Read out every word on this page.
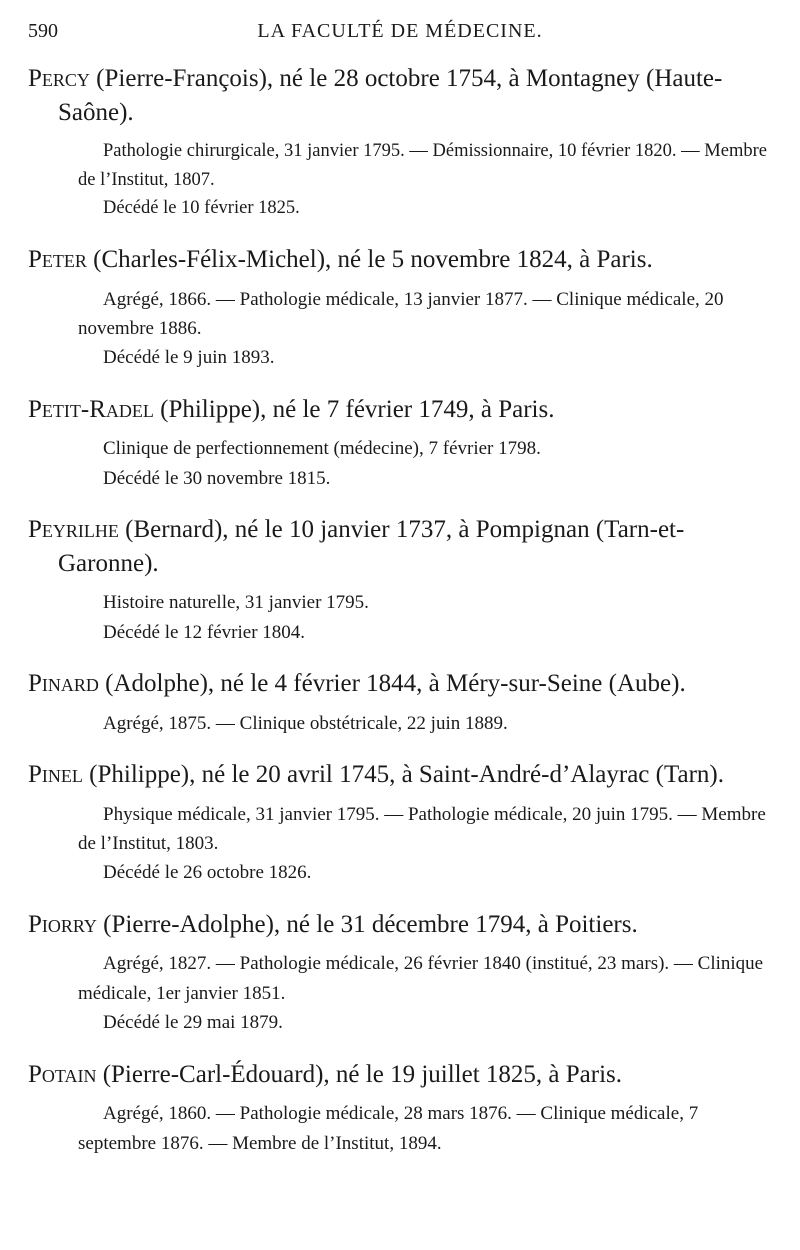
590	LA FACULTÉ DE MÉDECINE.
Percy (Pierre-François), né le 28 octobre 1754, à Montagney (Haute-Saône).
Pathologie chirurgicale, 31 janvier 1795. — Démissionnaire, 10 février 1820. — Membre de l’Institut, 1807.
Décédé le 10 février 1825.
Peter (Charles-Félix-Michel), né le 5 novembre 1824, à Paris.
Agrégé, 1866. — Pathologie médicale, 13 janvier 1877. — Clinique médicale, 20 novembre 1886.
Décédé le 9 juin 1893.
Petit-Radel (Philippe), né le 7 février 1749, à Paris.
Clinique de perfectionnement (médecine), 7 février 1798.
Décédé le 30 novembre 1815.
Peyrilhe (Bernard), né le 10 janvier 1737, à Pompignan (Tarn-et-Garonne).
Histoire naturelle, 31 janvier 1795.
Décédé le 12 février 1804.
Pinard (Adolphe), né le 4 février 1844, à Méry-sur-Seine (Aube).
Agrégé, 1875. — Clinique obstétricale, 22 juin 1889.
Pinel (Philippe), né le 20 avril 1745, à Saint-André-d’Alayrac (Tarn).
Physique médicale, 31 janvier 1795. — Pathologie médicale, 20 juin 1795. — Membre de l’Institut, 1803.
Décédé le 26 octobre 1826.
Piorry (Pierre-Adolphe), né le 31 décembre 1794, à Poitiers.
Agrégé, 1827. — Pathologie médicale, 26 février 1840 (institué, 23 mars). — Clinique médicale, 1er janvier 1851.
Décédé le 29 mai 1879.
Potain (Pierre-Carl-Édouard), né le 19 juillet 1825, à Paris.
Agrégé, 1860. — Pathologie médicale, 28 mars 1876. — Clinique médicale, 7 septembre 1876. — Membre de l’Institut, 1894.
